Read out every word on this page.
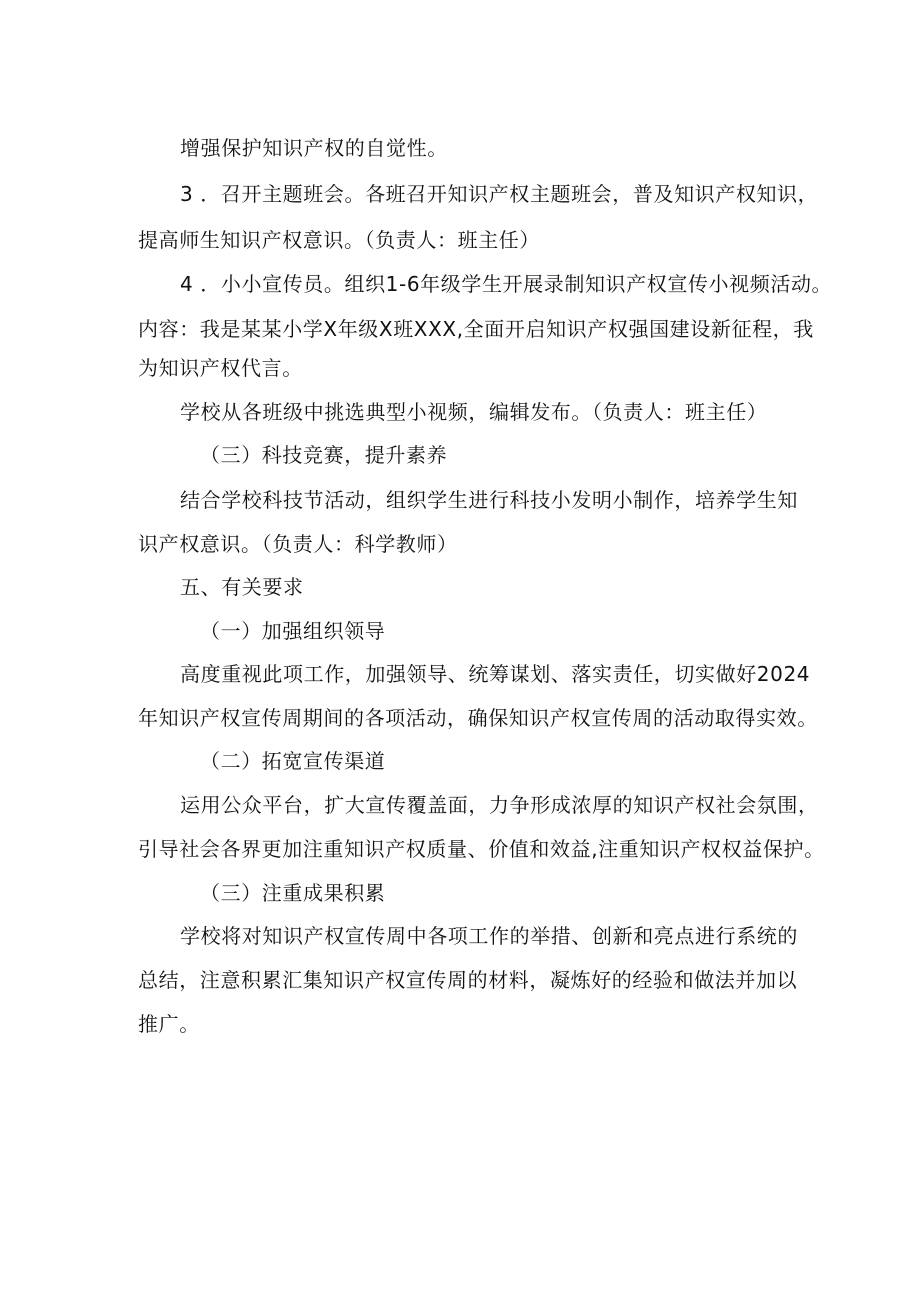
增强保护知识产权的自觉性。
3 ．召开主题班会。各班召开知识产权主题班会，普及知识产权知识，
提高师生知识产权意识。（负责人：班主任）
4 ．小小宣传员。组织1-6年级学生开展录制知识产权宣传小视频活动。
内容：我是某某小学X年级X班XXX,全面开启知识产权强国建设新征程，我
为知识产权代言。
学校从各班级中挑选典型小视频，编辑发布。（负责人：班主任）
（三）科技竞赛，提升素养
结合学校科技节活动，组织学生进行科技小发明小制作，培养学生知
识产权意识。（负责人：科学教师）
五、有关要求
（一）加强组织领导
高度重视此项工作，加强领导、统筹谋划、落实责任，切实做好2024
年知识产权宣传周期间的各项活动，确保知识产权宣传周的活动取得实效。
（二）拓宽宣传渠道
运用公众平台，扩大宣传覆盖面，力争形成浓厚的知识产权社会氛围，
引导社会各界更加注重知识产权质量、价值和效益,注重知识产权权益保护。
（三）注重成果积累
学校将对知识产权宣传周中各项工作的举措、创新和亮点进行系统的
总结，注意积累汇集知识产权宣传周的材料，凝炼好的经验和做法并加以
推广。
